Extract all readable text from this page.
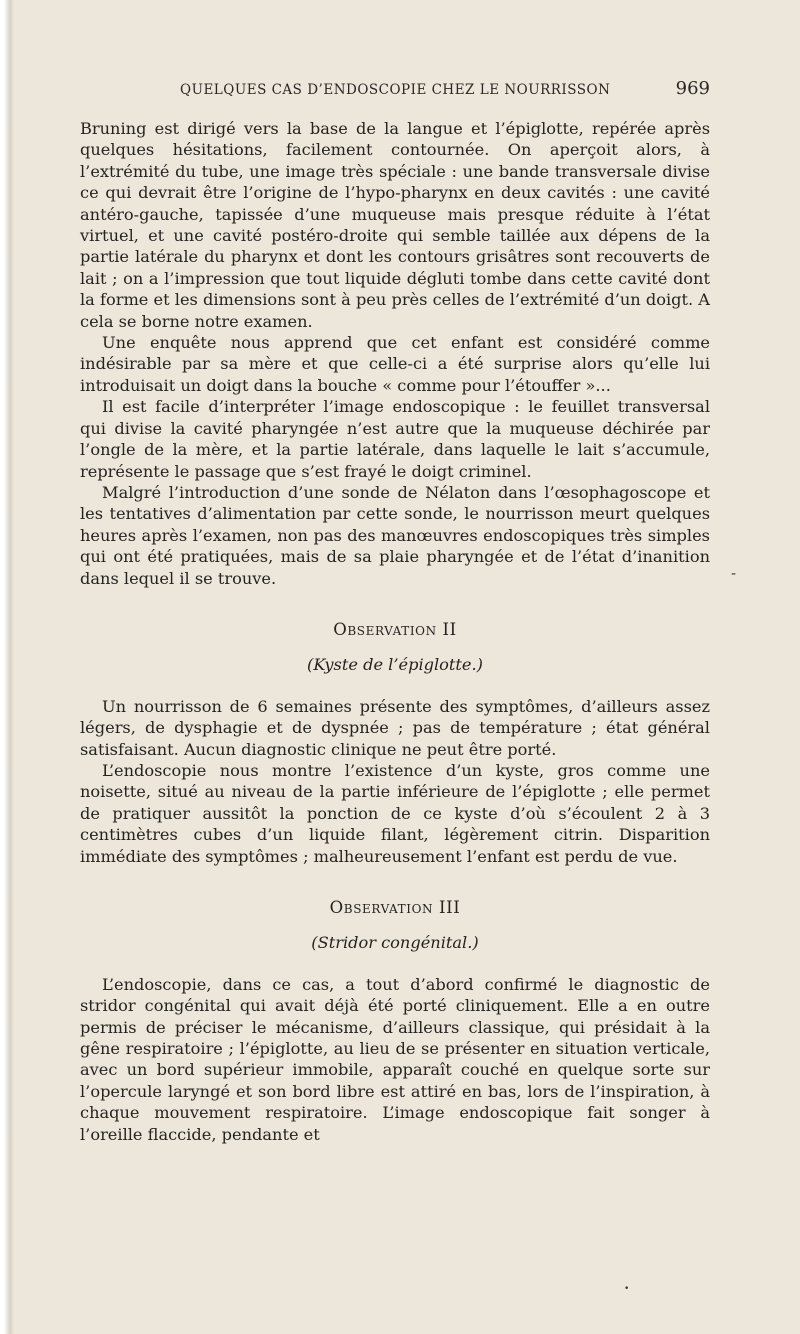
QUELQUES CAS D’ENDOSCOPIE CHEZ LE NOURRISSON	969

Bruning est dirigé vers la base de la langue et l’épiglotte, repérée après quelques hésitations, facilement contournée. On aperçoit alors, à l’extrémité du tube, une image très spéciale : une bande transversale divise ce qui devrait être l’origine de l’hypo-pharynx en deux cavités : une cavité antéro-gauche, tapissée d’une muqueuse mais presque réduite à l’état virtuel, et une cavité postéro-droite qui semble taillée aux dépens de la partie latérale du pharynx et dont les contours grisâtres sont recouverts de lait ; on a l’impression que tout liquide dégluti tombe dans cette cavité dont la forme et les dimensions sont à peu près celles de l’extrémité d’un doigt. A cela se borne notre examen.

Une enquête nous apprend que cet enfant est considéré comme indésirable par sa mère et que celle-ci a été surprise alors qu’elle lui introduisait un doigt dans la bouche « comme pour l’étouffer »...

Il est facile d’interpréter l’image endoscopique : le feuillet transversal qui divise la cavité pharyngée n’est autre que la muqueuse déchirée par l’ongle de la mère, et la partie latérale, dans laquelle le lait s’accumule, représente le passage que s’est frayé le doigt criminel.

Malgré l’introduction d’une sonde de Nélaton dans l’œsophagoscope et les tentatives d’alimentation par cette sonde, le nourrisson meurt quelques heures après l’examen, non pas des manœuvres endoscopiques très simples qui ont été pratiquées, mais de sa plaie pharyngée et de l’état d’inanition dans lequel il se trouve.

Observation II

(Kyste de l’épiglotte.)

Un nourrisson de 6 semaines présente des symptômes, d’ailleurs assez légers, de dysphagie et de dyspnée ; pas de température ; état général satisfaisant. Aucun diagnostic clinique ne peut être porté.

L’endoscopie nous montre l’existence d’un kyste, gros comme une noisette, situé au niveau de la partie inférieure de l’épiglotte ; elle permet de pratiquer aussitôt la ponction de ce kyste d’où s’écoulent 2 à 3 centimètres cubes d’un liquide filant, légèrement citrin. Disparition immédiate des symptômes ; malheureusement l’enfant est perdu de vue.

Observation III

(Stridor congénital.)

L’endoscopie, dans ce cas, a tout d’abord confirmé le diagnostic de stridor congénital qui avait déjà été porté cliniquement. Elle a en outre permis de préciser le mécanisme, d’ailleurs classique, qui présidait à la gêne respiratoire ; l’épiglotte, au lieu de se présenter en situation verticale, avec un bord supérieur immobile, apparaît couché en quelque sorte sur l’opercule laryngé et son bord libre est attiré en bas, lors de l’inspiration, à chaque mouvement respiratoire. L’image endoscopique fait songer à l’oreille flaccide, pendante et

-
•
